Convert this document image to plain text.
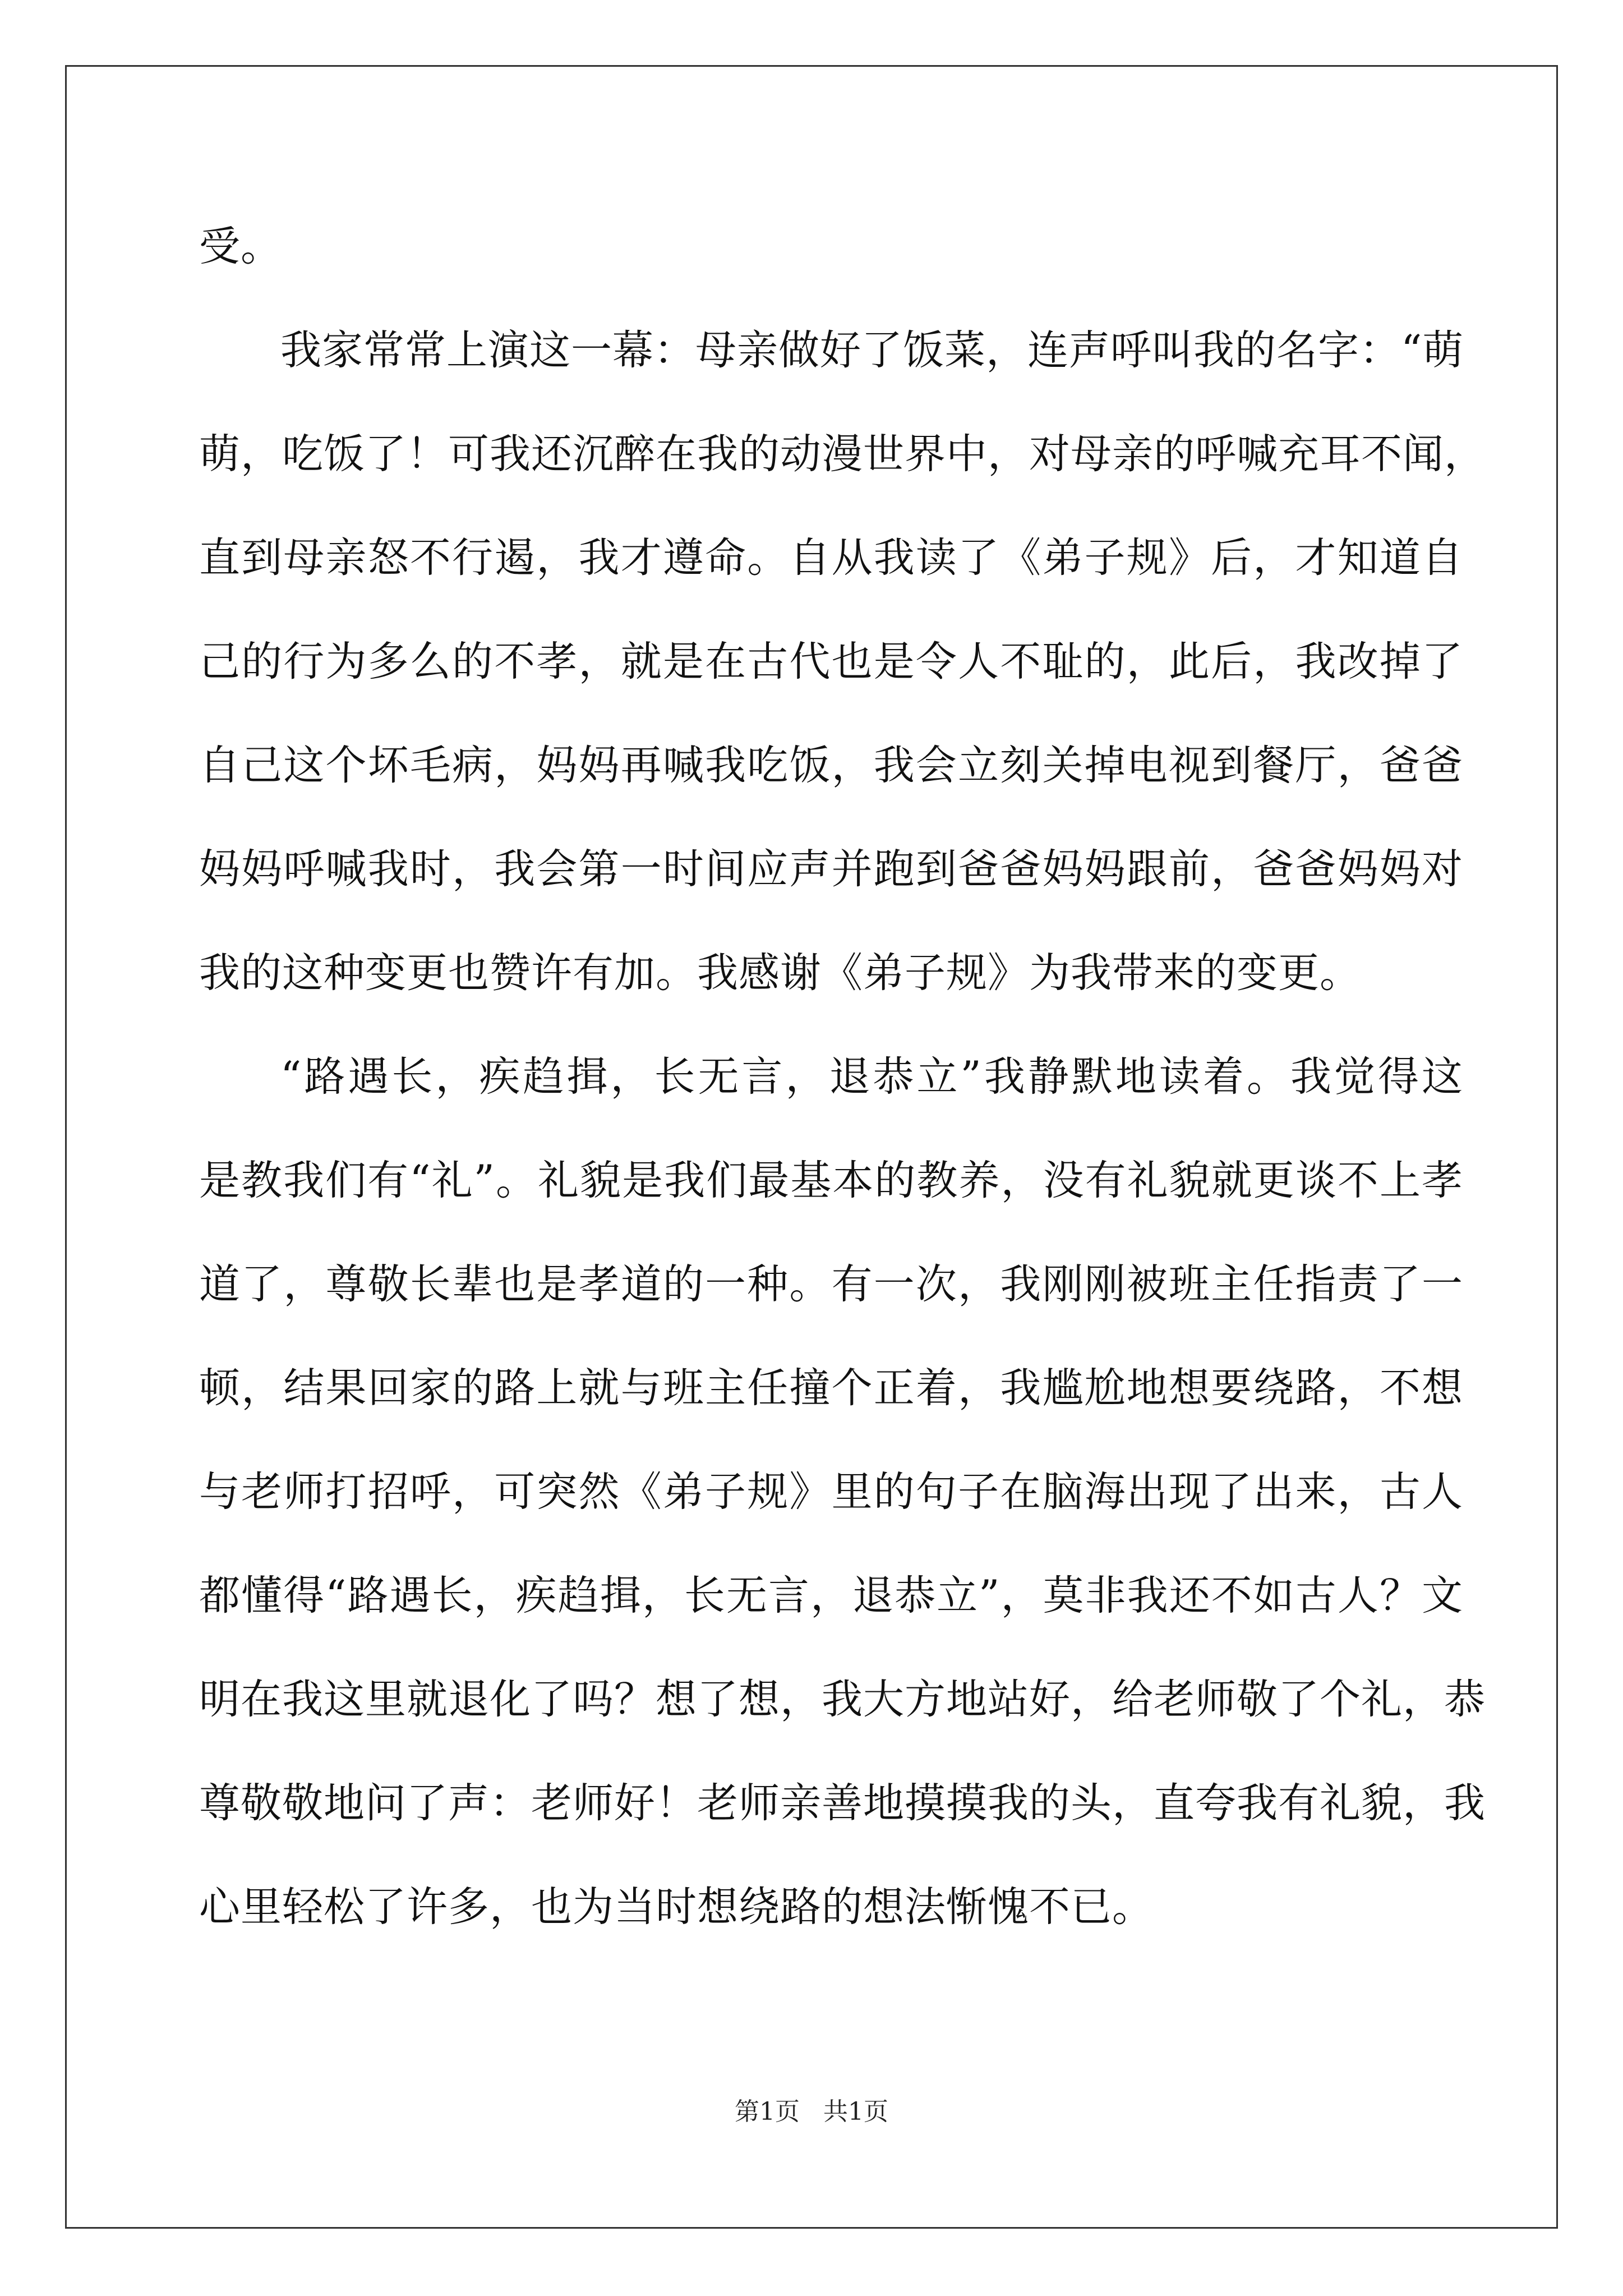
受。
我家常常上演这一幕：母亲做好了饭菜，连声呼叫我的名字：“萌
萌，吃饭了！可我还沉醉在我的动漫世界中，对母亲的呼喊充耳不闻，
直到母亲怒不行遏，我才遵命。自从我读了《弟子规》后，才知道自
己的行为多么的不孝，就是在古代也是令人不耻的，此后，我改掉了
自己这个坏毛病，妈妈再喊我吃饭，我会立刻关掉电视到餐厅，爸爸
妈妈呼喊我时，我会第一时间应声并跑到爸爸妈妈跟前，爸爸妈妈对
我的这种变更也赞许有加。我感谢《弟子规》为我带来的变更。
“路遇长，疾趋揖，长无言，退恭立”我静默地读着。我觉得这
是教我们有“礼”。礼貌是我们最基本的教养，没有礼貌就更谈不上孝
道了，尊敬长辈也是孝道的一种。有一次，我刚刚被班主任指责了一
顿，结果回家的路上就与班主任撞个正着，我尴尬地想要绕路，不想
与老师打招呼，可突然《弟子规》里的句子在脑海出现了出来，古人
都懂得“路遇长，疾趋揖，长无言，退恭立”，莫非我还不如古人？文
明在我这里就退化了吗？想了想，我大方地站好，给老师敬了个礼，恭
尊敬敬地问了声：老师好！老师亲善地摸摸我的头，直夸我有礼貌，我
心里轻松了许多，也为当时想绕路的想法惭愧不已。
第1页 共1页
